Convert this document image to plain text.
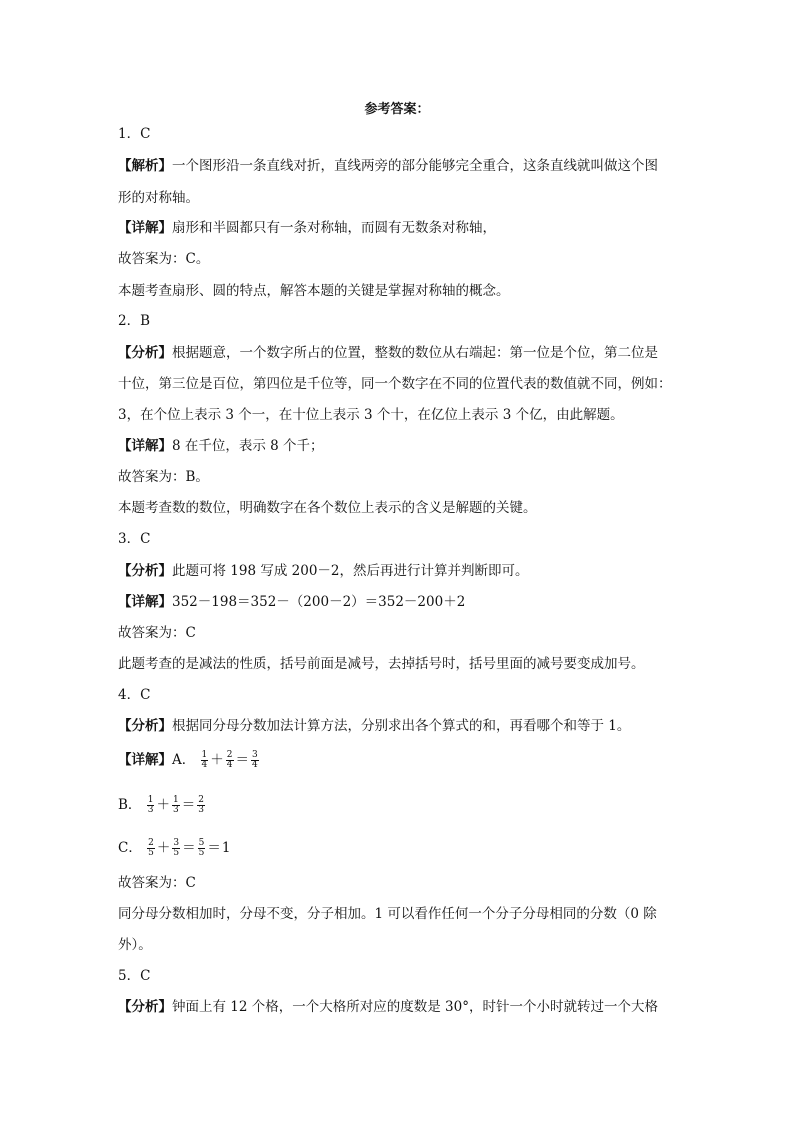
参考答案：
1．C
【解析】一个图形沿一条直线对折，直线两旁的部分能够完全重合，这条直线就叫做这个图
形的对称轴。
【详解】扇形和半圆都只有一条对称轴，而圆有无数条对称轴，
故答案为：C。
本题考查扇形、圆的特点，解答本题的关键是掌握对称轴的概念。
2．B
【分析】根据题意，一个数字所占的位置，整数的数位从右端起：第一位是个位，第二位是
十位，第三位是百位，第四位是千位等，同一个数字在不同的位置代表的数值就不同，例如：
3，在个位上表示 3 个一，在十位上表示 3 个十，在亿位上表示 3 个亿，由此解题。
【详解】8 在千位，表示 8 个千；
故答案为：B。
本题考查数的数位，明确数字在各个数位上表示的含义是解题的关键。
3．C
【分析】此题可将 198 写成 200－2，然后再进行计算并判断即可。
【详解】352－198＝352－（200－2）＝352－200＋2
故答案为：C
此题考查的是减法的性质，括号前面是减号，去掉括号时，括号里面的减号要变成加号。
4．C
【分析】根据同分母分数加法计算方法，分别求出各个算式的和，再看哪个和等于 1。
【详解】A． $\frac{1}{4} + \frac{2}{4} = \frac{3}{4}$
B． $\frac{1}{3} + \frac{1}{3} = \frac{2}{3}$
C． $\frac{2}{5} + \frac{3}{5} = \frac{5}{5} =1$
故答案为：C
同分母分数相加时，分母不变，分子相加。1 可以看作任何一个分子分母相同的分数（0 除
外）。
5．C
【分析】钟面上有 12 个格，一个大格所对应的度数是 30°，时针一个小时就转过一个大格
